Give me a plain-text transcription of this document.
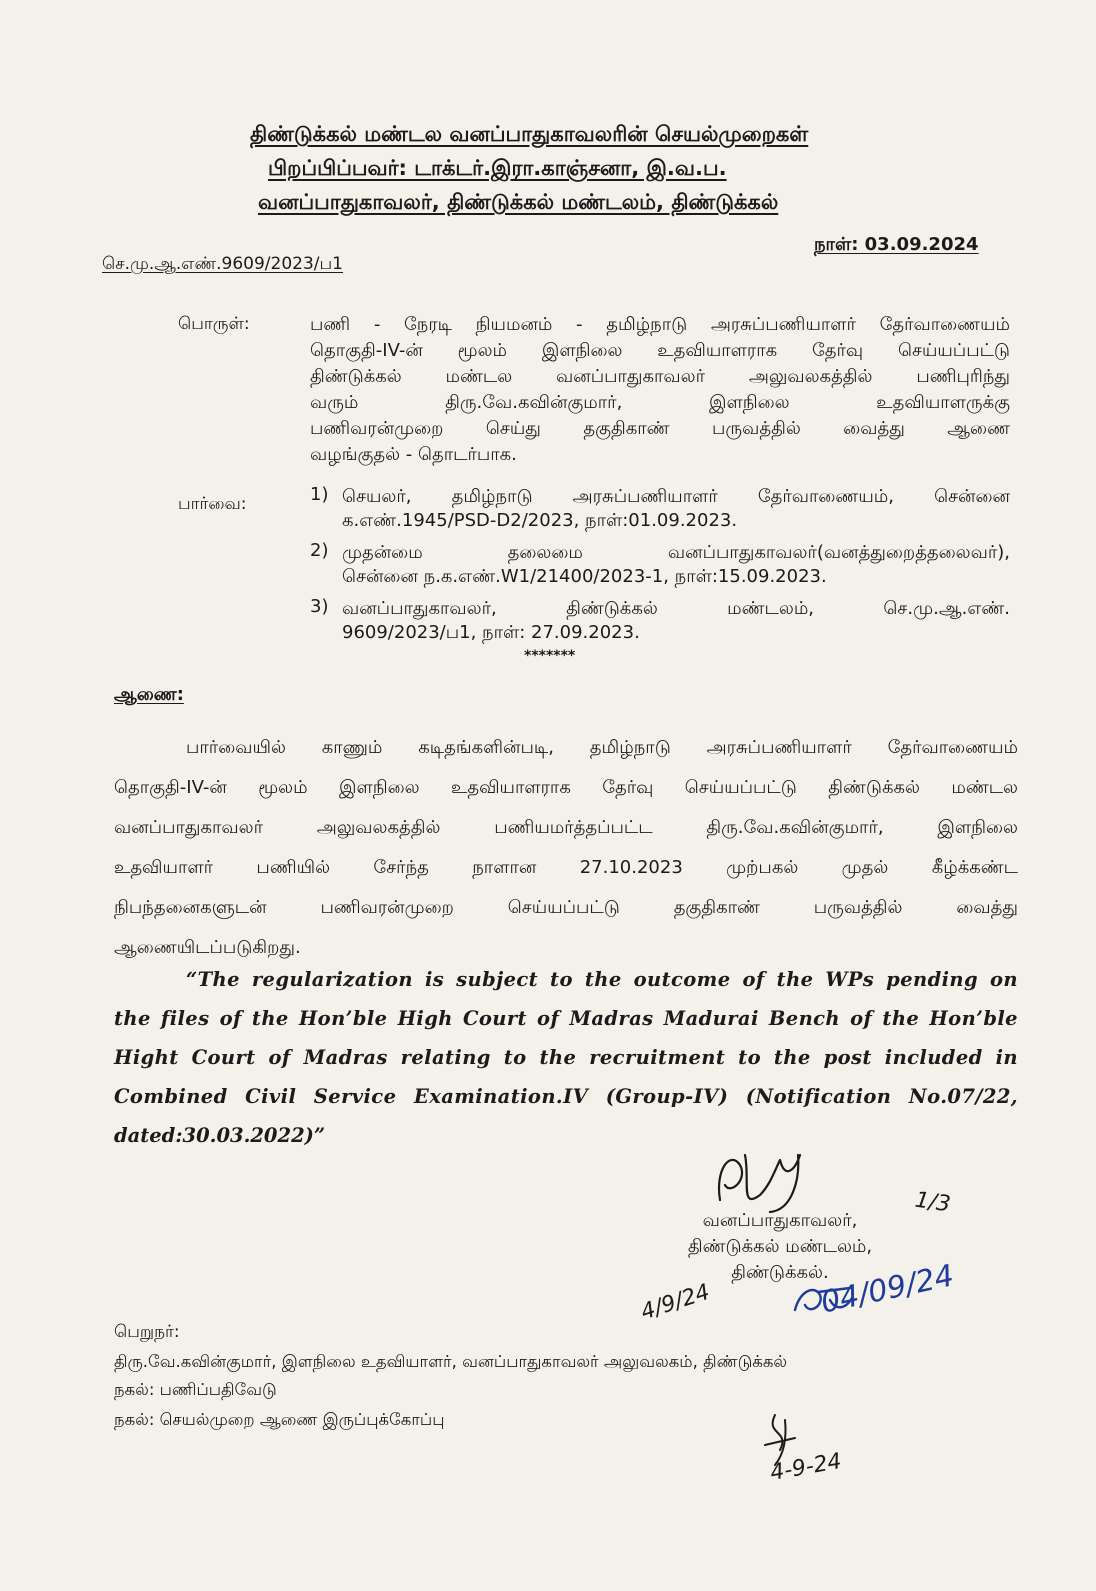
திண்டுக்கல் மண்டல வனப்பாதுகாவலரின் செயல்முறைகள்
பிறப்பிப்பவர்: டாக்டர்.இரா.காஞ்சனா, இ.வ.ப.
வனப்பாதுகாவலர், திண்டுக்கல் மண்டலம், திண்டுக்கல்
செ.மு.ஆ.எண்.9609/2023/ப1
நாள்: 03.09.2024
பொருள்:	பணி - நேரடி நியமனம் - தமிழ்நாடு அரசுப்பணியாளர் தேர்வாணையம்
தொகுதி-IV-ன் மூலம் இளநிலை உதவியாளராக தேர்வு செய்யப்பட்டு
திண்டுக்கல் மண்டல வனப்பாதுகாவலர் அலுவலகத்தில் பணிபுரிந்து
வரும் திரு.வே.கவின்குமார், இளநிலை உதவியாளருக்கு
பணிவரன்முறை செய்து தகுதிகாண் பருவத்தில் வைத்து ஆணை
வழங்குதல் - தொடர்பாக.
பார்வை:	1) செயலர், தமிழ்நாடு அரசுப்பணியாளர் தேர்வாணையம், சென்னை
க.எண்.1945/PSD-D2/2023, நாள்:01.09.2023.
2) முதன்மை தலைமை வனப்பாதுகாவலர்(வனத்துறைத்தலைவர்),
சென்னை ந.க.எண்.W1/21400/2023-1, நாள்:15.09.2023.
3) வனப்பாதுகாவலர், திண்டுக்கல் மண்டலம், செ.மு.ஆ.எண்.
9609/2023/ப1, நாள்: 27.09.2023.
*******
ஆணை:
பார்வையில் காணும் கடிதங்களின்படி, தமிழ்நாடு அரசுப்பணியாளர் தேர்வாணையம்
தொகுதி-IV-ன் மூலம் இளநிலை உதவியாளராக தேர்வு செய்யப்பட்டு திண்டுக்கல் மண்டல
வனப்பாதுகாவலர் அலுவலகத்தில் பணியமர்த்தப்பட்ட திரு.வே.கவின்குமார், இளநிலை
உதவியாளர் பணியில் சேர்ந்த நாளான 27.10.2023 முற்பகல் முதல் கீழ்க்கண்ட
நிபந்தனைகளுடன் பணிவரன்முறை செய்யப்பட்டு தகுதிகாண் பருவத்தில் வைத்து
ஆணையிடப்படுகிறது.
“The regularization is subject to the outcome of the WPs pending on
the files of the Hon’ble High Court of Madras Madurai Bench of the Hon’ble
Hight Court of Madras relating to the recruitment to the post included in
Combined Civil Service Examination.IV (Group-IV) (Notification No.07/22,
dated:30.03.2022)”
வனப்பாதுகாவலர்,
திண்டுக்கல் மண்டலம்,
திண்டுக்கல்.
1/3
4/9/24	04/09/24
பெறுநர்:
திரு.வே.கவின்குமார், இளநிலை உதவியாளர், வனப்பாதுகாவலர் அலுவலகம், திண்டுக்கல்
நகல்: பணிப்பதிவேடு
நகல்: செயல்முறை ஆணை இருப்புக்கோப்பு
4-9-24
